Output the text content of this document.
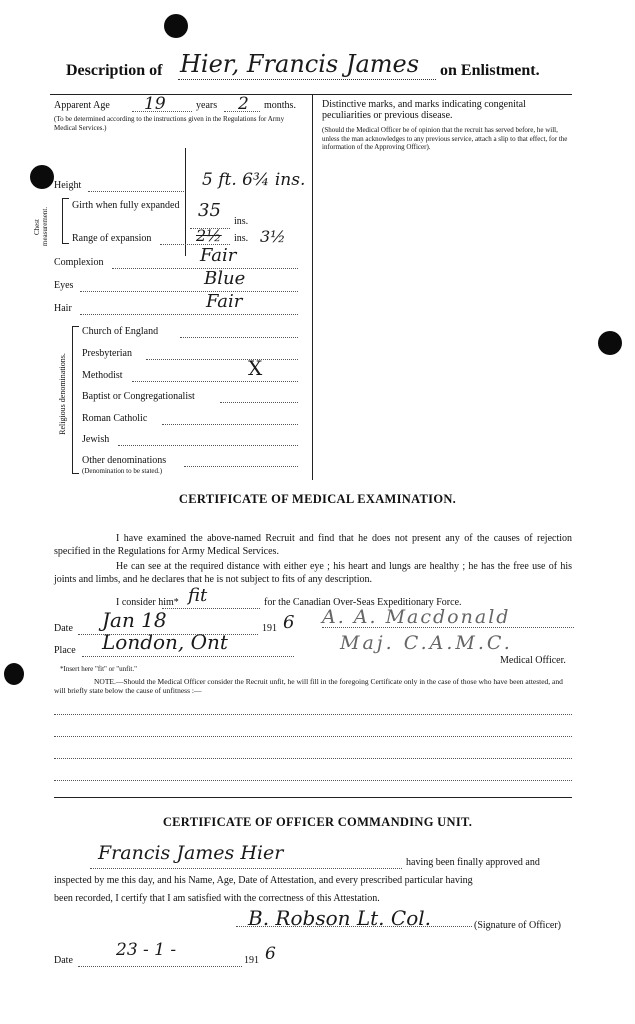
Description of Hier, Francis James on Enlistment.
Apparent Age 19	years 2 months.
(To be determined according to the instructions given in the Regulations for Army Medical Services.)
Height	5 ft. 6¾ ins.
Chest measurement.
Girth when fully expanded 35
ins.
Range of expansion	2½ ins. 3½
Complexion	Fair
Eyes	Blue
Hair	Fair
Religious denominations.
Church of England
Presbyterian
Methodist	X
Baptist or Congregationalist
Roman Catholic
Jewish
Other denominations
(Denomination to be stated.)
Distinctive marks, and marks indicating congenital peculiarities or previous disease.
(Should the Medical Officer be of opinion that the recruit has served before, he will, unless the man acknowledges to any previous service, attach a slip to that effect, for the information of the Approving Officer).
CERTIFICATE OF MEDICAL EXAMINATION.
I have examined the above-named Recruit and find that he does not present any of the causes of rejection specified in the Regulations for Army Medical Services.
He can see at the required distance with either eye ; his heart and lungs are healthy ; he has the free use of his joints and limbs, and he declares that he is not subject to fits of any description.
I consider him* fit	for the Canadian Over-Seas Expeditionary Force.
Date Jan 18	191 6 A. A. Macdonald
Place London, Ont	Maj. C.A.M.C.
Medical Officer.
*Insert here "fit" or "unfit."
NOTE.—Should the Medical Officer consider the Recruit unfit, he will fill in the foregoing Certificate only in the case of those who have been attested, and will briefly state below the cause of unfitness :—
CERTIFICATE OF OFFICER COMMANDING UNIT.
Francis James Hier	having been finally approved and
inspected by me this day, and his Name, Age, Date of Attestation, and every prescribed particular having
been recorded, I certify that I am satisfied with the correctness of this Attestation.
B. Robson Lt. Col.	(Signature of Officer)
Date
23 - 1 -
191 6
